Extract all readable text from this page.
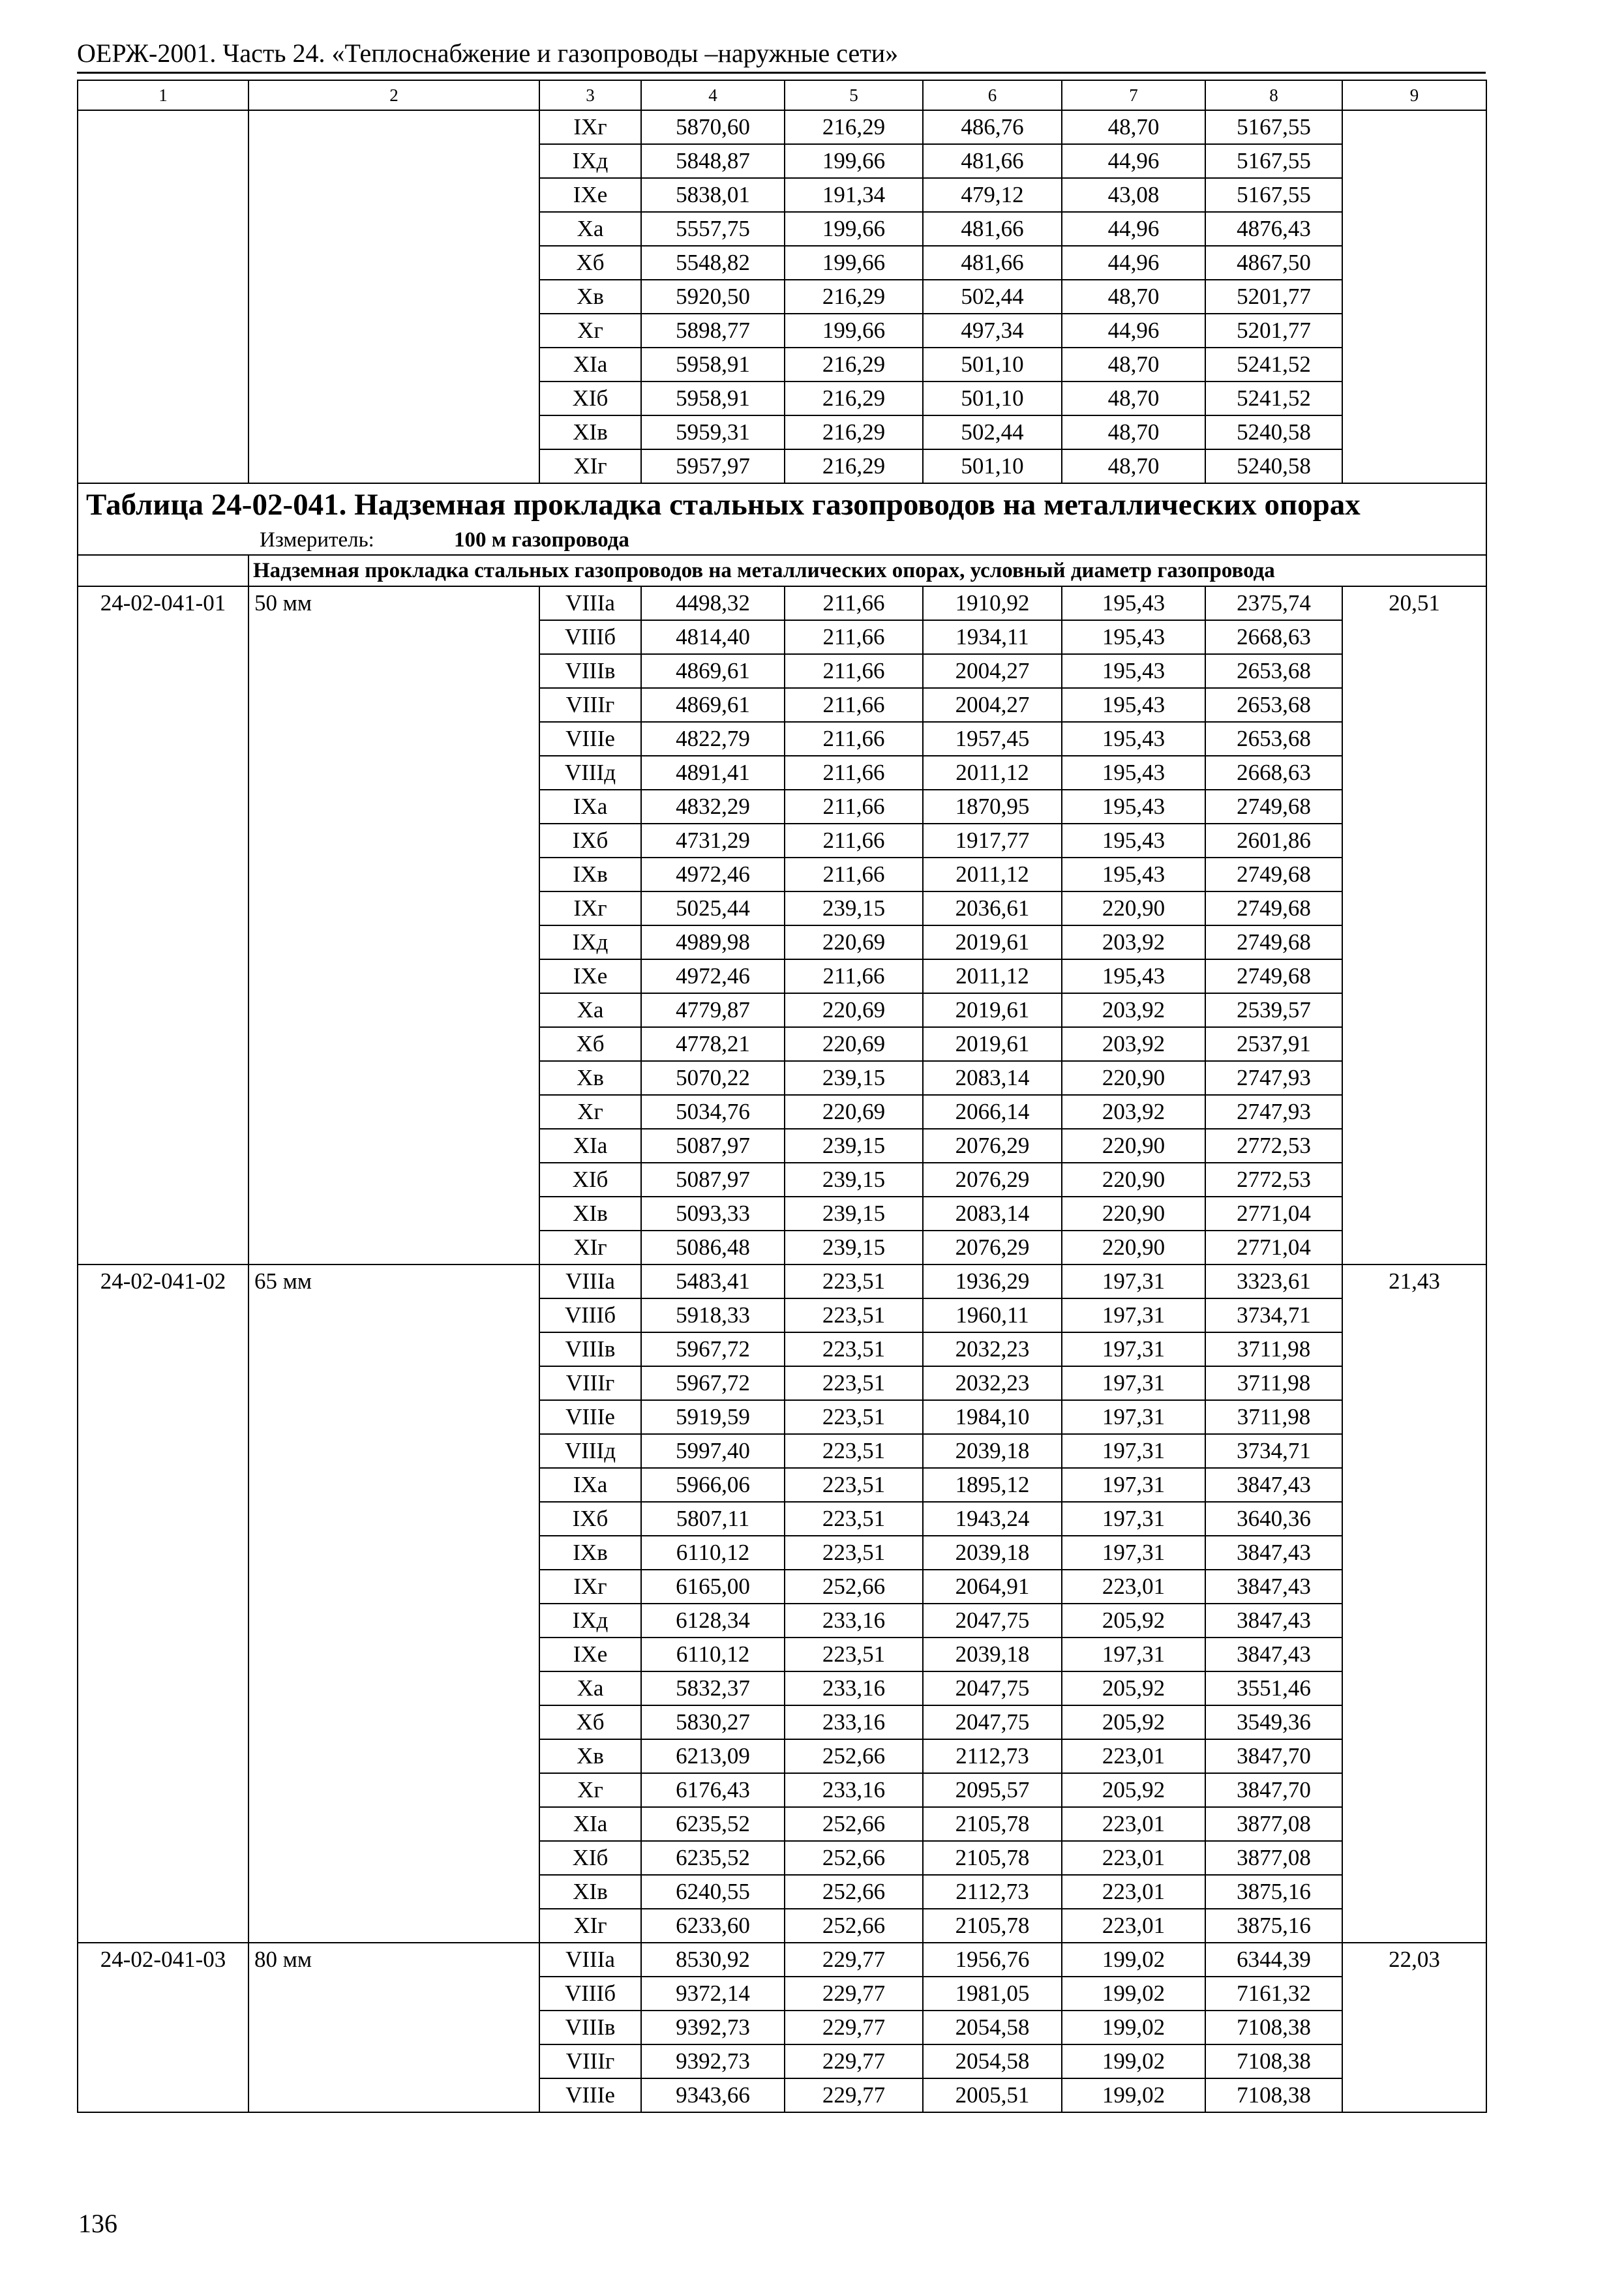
ОЕРЖ-2001. Часть 24. «Теплоснабжение и газопроводы –наружные сети»
1	2	3	4	5	6	7	8	9
		IXг	5870,60	216,29	486,76	48,70	5167,55	
		IXд	5848,87	199,66	481,66	44,96	5167,55	
		IXе	5838,01	191,34	479,12	43,08	5167,55	
		Xа	5557,75	199,66	481,66	44,96	4876,43	
		Xб	5548,82	199,66	481,66	44,96	4867,50	
		Xв	5920,50	216,29	502,44	48,70	5201,77	
		Xг	5898,77	199,66	497,34	44,96	5201,77	
		XIа	5958,91	216,29	501,10	48,70	5241,52	
		XIб	5958,91	216,29	501,10	48,70	5241,52	
		XIв	5959,31	216,29	502,44	48,70	5240,58	
		XIг	5957,97	216,29	501,10	48,70	5240,58	
Таблица 24-02-041. Надземная прокладка стальных газопроводов на металлических опорах								
Измеритель: 100 м газопровода								
	Надземная прокладка стальных газопроводов на металлических опорах, условный диаметр газопровода							
24-02-041-01	50 мм	VIIIа	4498,32	211,66	1910,92	195,43	2375,74	20,51
		VIIIб	4814,40	211,66	1934,11	195,43	2668,63	
		VIIIв	4869,61	211,66	2004,27	195,43	2653,68	
		VIIIг	4869,61	211,66	2004,27	195,43	2653,68	
		VIIIе	4822,79	211,66	1957,45	195,43	2653,68	
		VIIIд	4891,41	211,66	2011,12	195,43	2668,63	
		IXа	4832,29	211,66	1870,95	195,43	2749,68	
		IXб	4731,29	211,66	1917,77	195,43	2601,86	
		IXв	4972,46	211,66	2011,12	195,43	2749,68	
		IXг	5025,44	239,15	2036,61	220,90	2749,68	
		IXд	4989,98	220,69	2019,61	203,92	2749,68	
		IXе	4972,46	211,66	2011,12	195,43	2749,68	
		Xа	4779,87	220,69	2019,61	203,92	2539,57	
		Xб	4778,21	220,69	2019,61	203,92	2537,91	
		Xв	5070,22	239,15	2083,14	220,90	2747,93	
		Xг	5034,76	220,69	2066,14	203,92	2747,93	
		XIа	5087,97	239,15	2076,29	220,90	2772,53	
		XIб	5087,97	239,15	2076,29	220,90	2772,53	
		XIв	5093,33	239,15	2083,14	220,90	2771,04	
		XIг	5086,48	239,15	2076,29	220,90	2771,04	
24-02-041-02	65 мм	VIIIа	5483,41	223,51	1936,29	197,31	3323,61	21,43
		VIIIб	5918,33	223,51	1960,11	197,31	3734,71	
		VIIIв	5967,72	223,51	2032,23	197,31	3711,98	
		VIIIг	5967,72	223,51	2032,23	197,31	3711,98	
		VIIIе	5919,59	223,51	1984,10	197,31	3711,98	
		VIIIд	5997,40	223,51	2039,18	197,31	3734,71	
		IXа	5966,06	223,51	1895,12	197,31	3847,43	
		IXб	5807,11	223,51	1943,24	197,31	3640,36	
		IXв	6110,12	223,51	2039,18	197,31	3847,43	
		IXг	6165,00	252,66	2064,91	223,01	3847,43	
		IXд	6128,34	233,16	2047,75	205,92	3847,43	
		IXе	6110,12	223,51	2039,18	197,31	3847,43	
		Xа	5832,37	233,16	2047,75	205,92	3551,46	
		Xб	5830,27	233,16	2047,75	205,92	3549,36	
		Xв	6213,09	252,66	2112,73	223,01	3847,70	
		Xг	6176,43	233,16	2095,57	205,92	3847,70	
		XIа	6235,52	252,66	2105,78	223,01	3877,08	
		XIб	6235,52	252,66	2105,78	223,01	3877,08	
		XIв	6240,55	252,66	2112,73	223,01	3875,16	
		XIг	6233,60	252,66	2105,78	223,01	3875,16	
24-02-041-03	80 мм	VIIIа	8530,92	229,77	1956,76	199,02	6344,39	22,03
		VIIIб	9372,14	229,77	1981,05	199,02	7161,32	
		VIIIв	9392,73	229,77	2054,58	199,02	7108,38	
		VIIIг	9392,73	229,77	2054,58	199,02	7108,38	
		VIIIе	9343,66	229,77	2005,51	199,02	7108,38	
136
